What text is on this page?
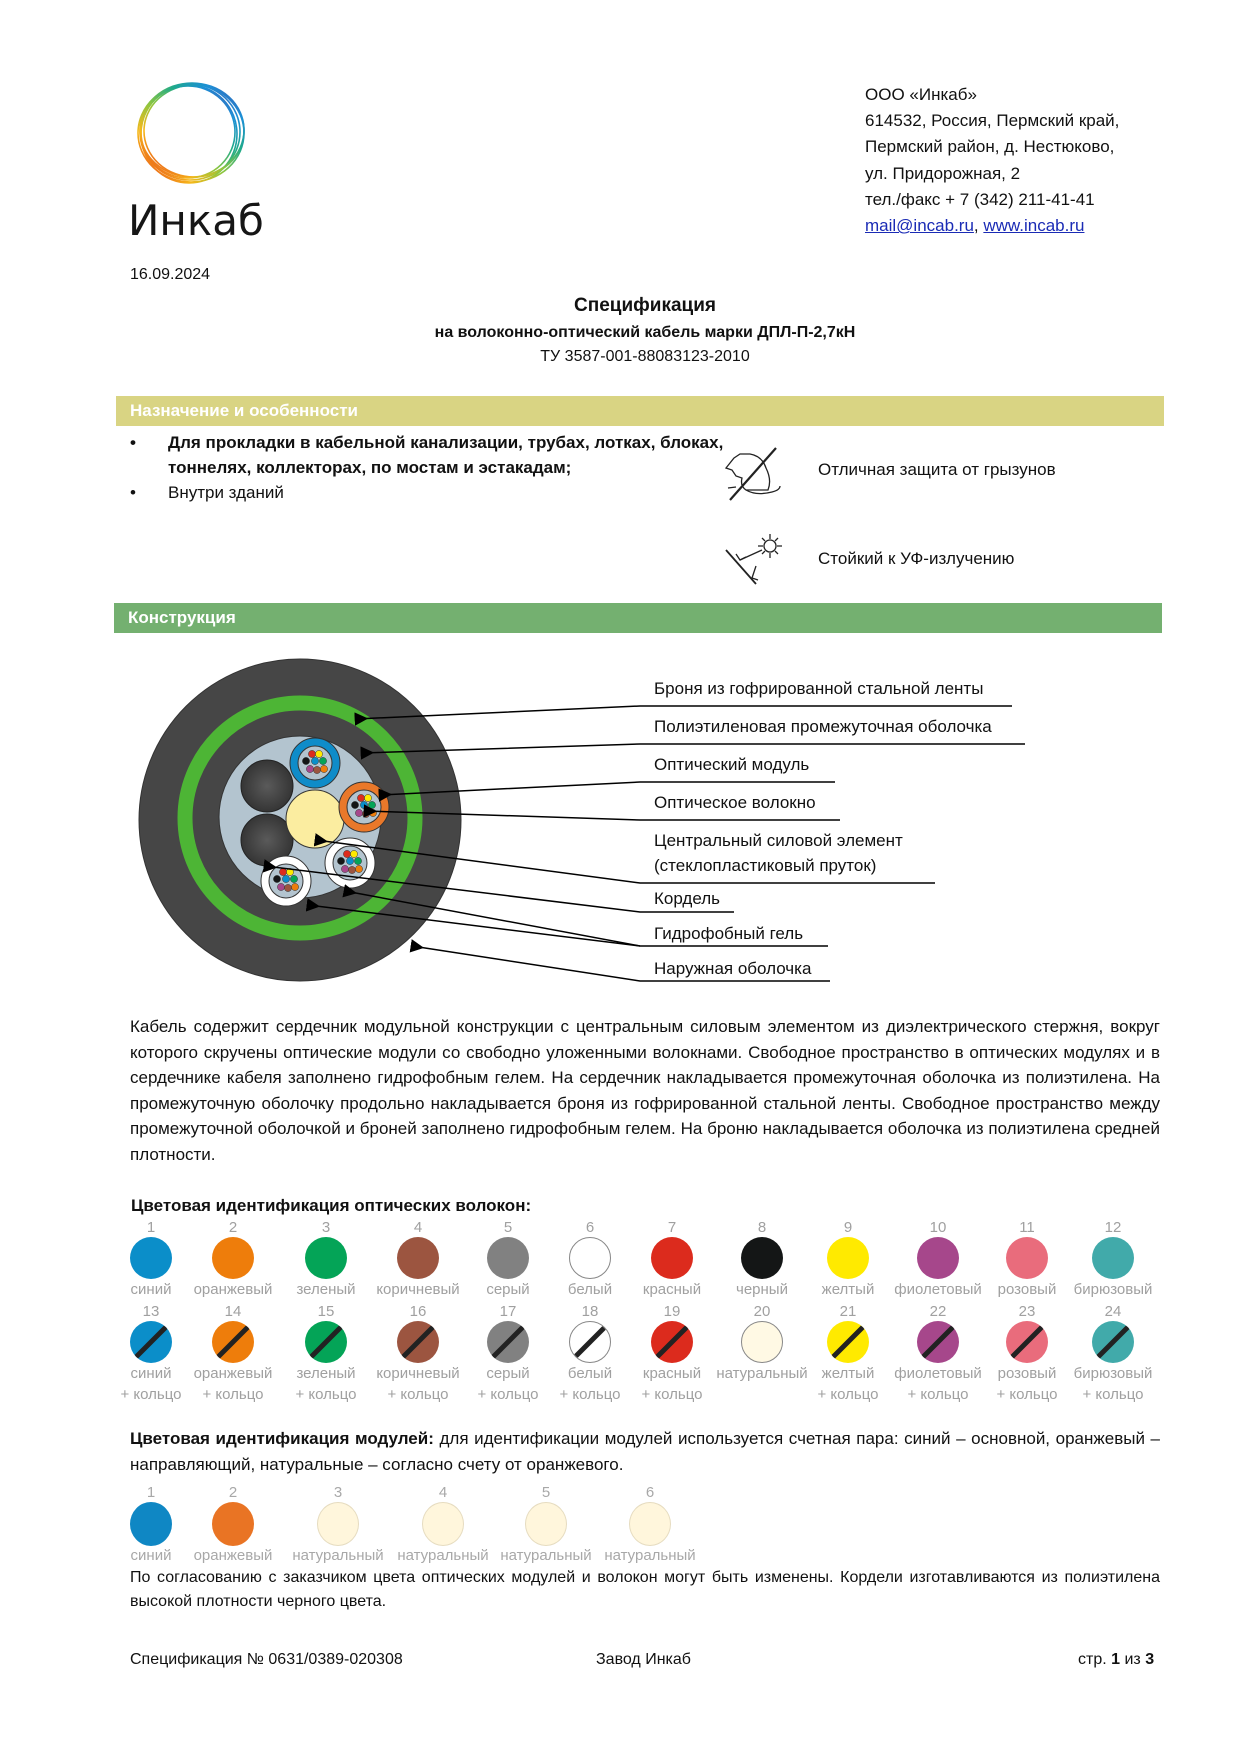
Инкаб
16.09.2024
ООО «Инкаб»
614532, Россия, Пермский край,
Пермский район, д. Нестюково,
ул. Придорожная, 2
тел./факс + 7 (342) 211-41-41
mail@incab.ru, www.incab.ru
Спецификация
на волоконно-оптический кабель марки ДПЛ-П-2,7кН
ТУ 3587-001-88083123-2010
Назначение и особенности
• Для прокладки в кабельной канализации, трубах, лотках, блоках, тоннелях, коллекторах, по мостам и эстакадам;
• Внутри зданий
Отличная защита от грызунов
Стойкий к УФ-излучению
Конструкция
Броня из гофрированной стальной ленты
Полиэтиленовая промежуточная оболочка
Оптический модуль
Оптическое волокно
Центральный силовой элемент
(стеклопластиковый пруток)
Кордель
Гидрофобный гель
Наружная оболочка
Кабель содержит сердечник модульной конструкции с центральным силовым элементом из диэлектрического стержня, вокруг которого скручены оптические модули со свободно уложенными волокнами. Свободное пространство в оптических модулях и в сердечнике кабеля заполнено гидрофобным гелем. На сердечник накладывается промежуточная оболочка из полиэтилена. На промежуточную оболочку продольно накладывается броня из гофрированной стальной ленты. Свободное пространство между промежуточной оболочкой и броней заполнено гидрофобным гелем. На броню накладывается оболочка из полиэтилена средней плотности.
Цветовая идентификация оптических волокон:
1
синий
2
оранжевый
3
зеленый
4
коричневый
5
серый
6
белый
7
красный
8
черный
9
желтый
10
фиолетовый
11
розовый
12
бирюзовый
13
синий
+ кольцо
14
оранжевый
+ кольцо
15
зеленый
+ кольцо
16
коричневый
+ кольцо
17
серый
+ кольцо
18
белый
+ кольцо
19
красный
+ кольцо
20
натуральный
21
желтый
+ кольцо
22
фиолетовый
+ кольцо
23
розовый
+ кольцо
24
бирюзовый
+ кольцо
Цветовая идентификация модулей: для идентификации модулей используется счетная пара: синий – основной, оранжевый – направляющий, натуральные – согласно счету от оранжевого.
1
синий
2
оранжевый
3
натуральный
4
натуральный
5
натуральный
6
натуральный
По согласованию с заказчиком цвета оптических модулей и волокон могут быть изменены. Кордели изготавливаются из полиэтилена высокой плотности черного цвета.
Спецификация № 0631/0389-020308	Завод Инкаб	стр. 1 из 3
